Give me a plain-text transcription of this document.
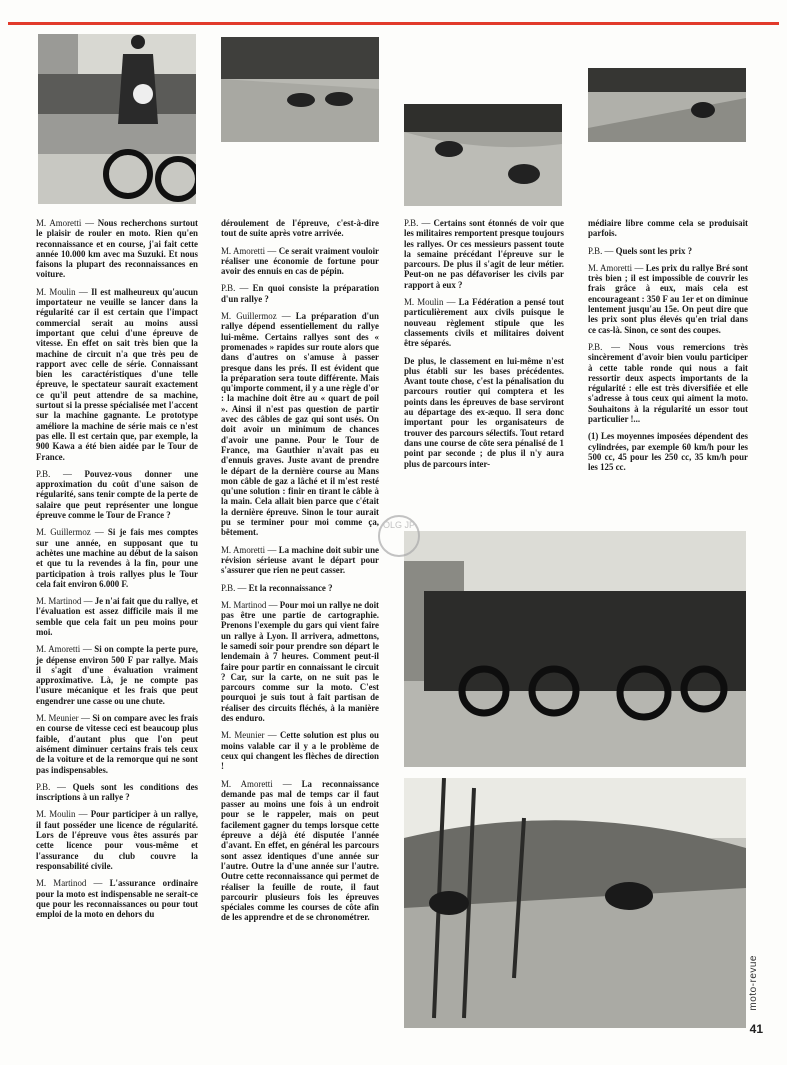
M. Amoretti — Nous recherchons surtout le plaisir de rouler en moto. Rien qu'en reconnaissance et en course, j'ai fait cette année 10.000 km avec ma Suzuki. Et nous faisons la plupart des reconnaissances en voiture.

M. Moulin — Il est malheureux qu'aucun importateur ne veuille se lancer dans la régularité car il est certain que l'impact commercial serait au moins aussi important que celui d'une épreuve de vitesse. En effet on sait très bien que la machine de circuit n'a que très peu de rapport avec celle de série. Connaissant bien les caractéristiques d'une telle épreuve, le spectateur saurait exactement ce qu'il peut attendre de sa machine, surtout si la presse spécialisée met l'accent sur la machine gagnante. Le prototype améliore la machine de série mais ce n'est pas elle. Il est certain que, par exemple, la 900 Kawa a été bien aidée par le Tour de France.

P.B. — Pouvez-vous donner une approximation du coût d'une saison de régularité, sans tenir compte de la perte de salaire que peut représenter une longue épreuve comme le Tour de France ?

M. Guillermoz — Si je fais mes comptes sur une année, en supposant que tu achètes une machine au début de la saison et que tu la revendes à la fin, pour une participation à trois rallyes plus le Tour cela fait environ 6.000 F.

M. Martinod — Je n'ai fait que du rallye, et l'évaluation est assez difficile mais il me semble que cela fait un peu moins pour moi.

M. Amoretti — Si on compte la perte pure, je dépense environ 500 F par rallye. Mais il s'agit d'une évaluation vraiment approximative. Là, je ne compte pas l'usure mécanique et les frais que peut engendrer une casse ou une chute.

M. Meunier — Si on compare avec les frais en course de vitesse ceci est beaucoup plus faible, d'autant plus que l'on peut aisément diminuer certains frais tels ceux de la voiture et de la remorque qui ne sont pas indispensables.

P.B. — Quels sont les conditions des inscriptions à un rallye ?

M. Moulin — Pour participer à un rallye, il faut posséder une licence de régularité. Lors de l'épreuve vous êtes assurés par cette licence pour vous-même et l'assurance du club couvre la responsabilité civile.

M. Martinod — L'assurance ordinaire pour la moto est indispensable ne serait-ce que pour les reconnaissances ou pour tout emploi de la moto en dehors du

déroulement de l'épreuve, c'est-à-dire tout de suite après votre arrivée.

M. Amoretti — Ce serait vraiment vouloir réaliser une économie de fortune pour avoir des ennuis en cas de pépin.

P.B. — En quoi consiste la préparation d'un rallye ?

M. Guillermoz — La préparation d'un rallye dépend essentiellement du rallye lui-même. Certains rallyes sont des « promenades » rapides sur route alors que dans d'autres on s'amuse à passer presque dans les prés. Il est évident que la préparation sera toute différente. Mais qu'importe comment, il y a une règle d'or : la machine doit être au « quart de poil ». Ainsi il n'est pas question de partir avec des câbles de gaz qui sont usés. On doit avoir un minimum de chances d'avoir une panne. Pour le Tour de France, ma Gauthier n'avait pas eu d'ennuis graves. Juste avant de prendre le départ de la dernière course au Mans mon câble de gaz a lâché et il m'est resté qu'une solution : finir en tirant le câble à la main. Cela allait bien parce que c'était la dernière épreuve. Sinon le tour aurait pu se terminer pour moi comme ça, bêtement.

M. Amoretti — La machine doit subir une révision sérieuse avant le départ pour s'assurer que rien ne peut casser.

P.B. — Et la reconnaissance ?

M. Martinod — Pour moi un rallye ne doit pas être une partie de cartographie. Prenons l'exemple du gars qui vient faire un rallye à Lyon. Il arrivera, admettons, le samedi soir pour prendre son départ le lendemain à 7 heures. Comment peut-il faire pour partir en connaissant le circuit ? Car, sur la carte, on ne suit pas le parcours comme sur la moto. C'est pourquoi je suis tout à fait partisan de réaliser des circuits fléchés, à la manière des enduro.

M. Meunier — Cette solution est plus ou moins valable car il y a le problème de ceux qui changent les flèches de direction !

M. Amoretti — La reconnaissance demande pas mal de temps car il faut passer au moins une fois à un endroit pour se le rappeler, mais on peut facilement gagner du temps lorsque cette épreuve a déjà été disputée l'année d'avant. En effet, en général les parcours sont assez identiques d'une année sur l'autre. Outre la d'une année sur l'autre. Outre cette reconnaissance qui permet de réaliser la feuille de route, il faut parcourir plusieurs fois les épreuves spéciales comme les courses de côte afin de les apprendre et de se chronométrer.

P.B. — Certains sont étonnés de voir que les militaires remportent presque toujours les rallyes. Or ces messieurs passent toute la semaine précédant l'épreuve sur le parcours. De plus il s'agit de leur métier. Peut-on ne pas défavoriser les civils par rapport à eux ?

M. Moulin — La Fédération a pensé tout particulièrement aux civils puisque le nouveau règlement stipule que les classements civils et militaires doivent être séparés.

De plus, le classement en lui-même n'est plus établi sur les bases précédentes. Avant toute chose, c'est la pénalisation du parcours routier qui comptera et les points dans les épreuves de base serviront au départage des ex-æquo. Il sera donc important pour les organisateurs de trouver des parcours sélectifs. Tout retard dans une course de côte sera pénalisé de 1 point par seconde ; de plus il n'y aura plus de parcours inter-

médiaire libre comme cela se produisait parfois.

P.B. — Quels sont les prix ?

M. Amoretti — Les prix du rallye Bré sont très bien ; il est impossible de couvrir les frais grâce à eux, mais cela est encourageant : 350 F au 1er et on diminue lentement jusqu'au 15e. On peut dire que les prix sont plus élevés qu'en trial dans ce cas-là. Sinon, ce sont des coupes.

P.B. — Nous vous remercions très sincèrement d'avoir bien voulu participer à cette table ronde qui nous a fait ressortir deux aspects importants de la régularité : elle est très diversifiée et elle s'adresse à tous ceux qui aiment la moto. Souhaitons à la régularité un essor tout particulier !...

(1) Les moyennes imposées dépendent des cylindrées, par exemple 60 km/h pour les 500 cc, 45 pour les 250 cc, 35 km/h pour les 125 cc.

OLG JP
moto-revue
41
